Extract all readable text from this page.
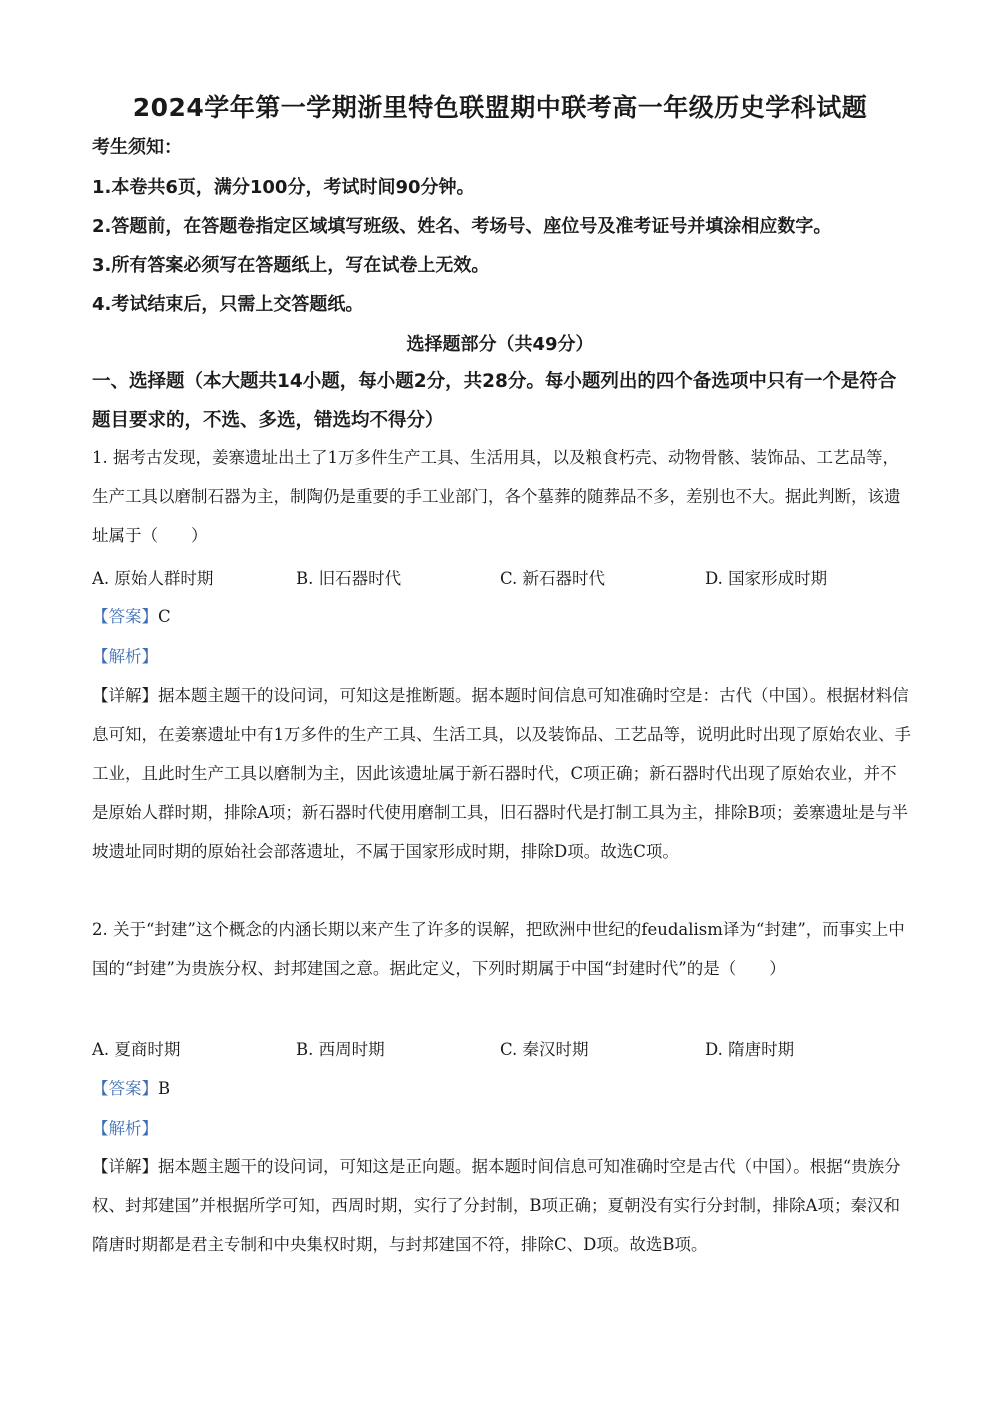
2024学年第一学期浙里特色联盟期中联考高一年级历史学科试题
考生须知：
1.本卷共6页，满分100分，考试时间90分钟。
2.答题前，在答题卷指定区域填写班级、姓名、考场号、座位号及准考证号并填涂相应数字。
3.所有答案必须写在答题纸上，写在试卷上无效。
4.考试结束后，只需上交答题纸。
选择题部分（共49分）
一、选择题（本大题共14小题，每小题2分，共28分。每小题列出的四个备选项中只有一个是符合题目要求的，不选、多选，错选均不得分）
1. 据考古发现，姜寨遗址出土了1万多件生产工具、生活用具，以及粮食朽壳、动物骨骸、装饰品、工艺品等，生产工具以磨制石器为主，制陶仍是重要的手工业部门，各个墓葬的随葬品不多，差别也不大。据此判断，该遗址属于（　　）
A. 原始人群时期	B. 旧石器时代	C. 新石器时代	D. 国家形成时期
【答案】C
【解析】
【详解】据本题主题干的设问词，可知这是推断题。据本题时间信息可知准确时空是：古代（中国）。根据材料信息可知，在姜寨遗址中有1万多件的生产工具、生活工具，以及装饰品、工艺品等，说明此时出现了原始农业、手工业，且此时生产工具以磨制为主，因此该遗址属于新石器时代，C项正确；新石器时代出现了原始农业，并不是原始人群时期，排除A项；新石器时代使用磨制工具，旧石器时代是打制工具为主，排除B项；姜寨遗址是与半坡遗址同时期的原始社会部落遗址，不属于国家形成时期，排除D项。故选C项。
2. 关于“封建”这个概念的内涵长期以来产生了许多的误解，把欧洲中世纪的feudalism译为“封建”，而事实上中国的“封建”为贵族分权、封邦建国之意。据此定义，下列时期属于中国“封建时代”的是（　　）
A. 夏商时期	B. 西周时期	C. 秦汉时期	D. 隋唐时期
【答案】B
【解析】
【详解】据本题主题干的设问词，可知这是正向题。据本题时间信息可知准确时空是古代（中国）。根据“贵族分权、封邦建国”并根据所学可知，西周时期，实行了分封制，B项正确；夏朝没有实行分封制，排除A项；秦汉和隋唐时期都是君主专制和中央集权时期，与封邦建国不符，排除C、D项。故选B项。
